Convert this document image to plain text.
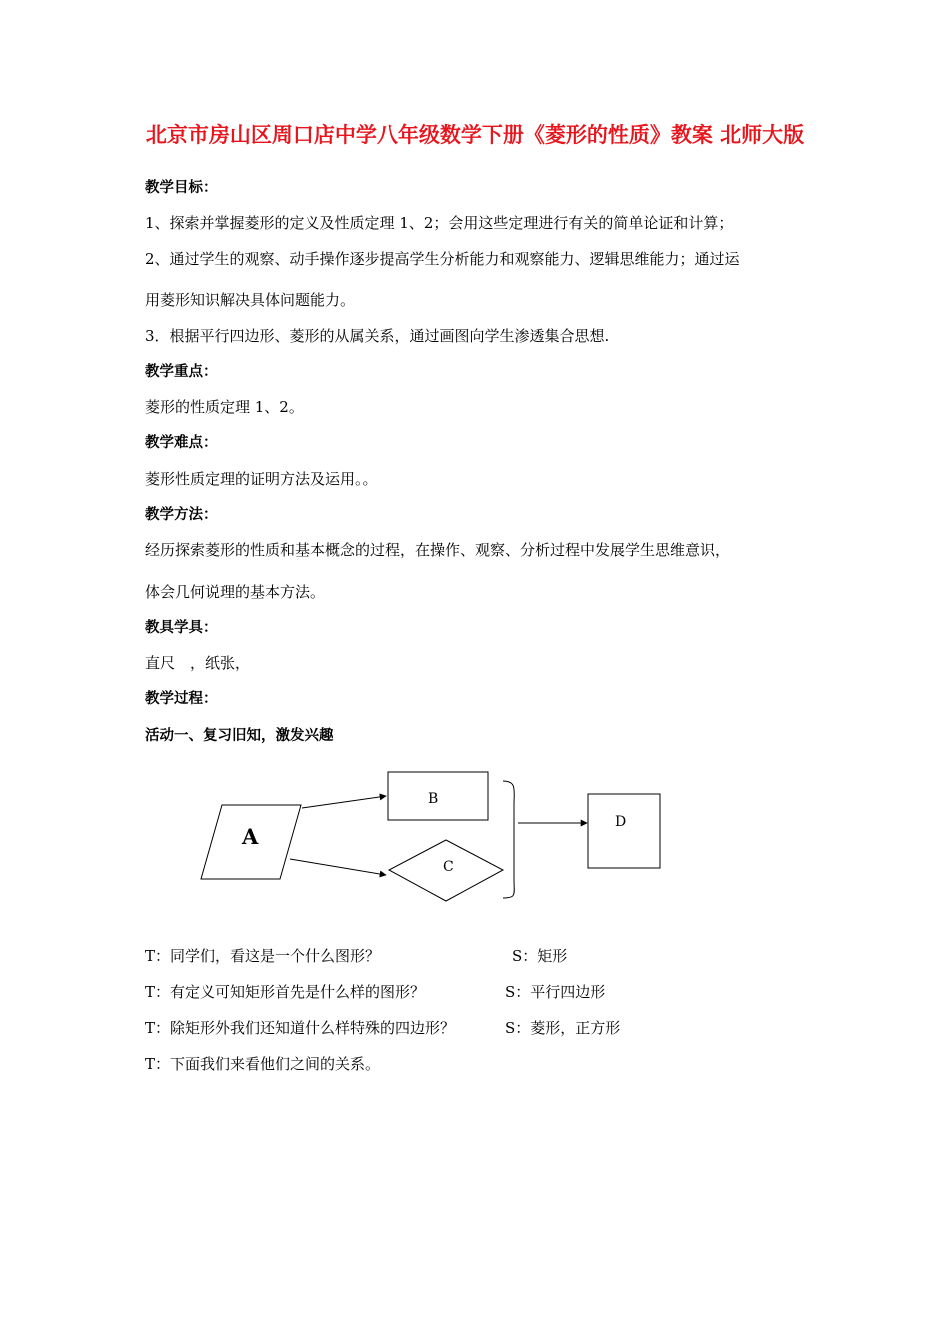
北京市房山区周口店中学八年级数学下册《菱形的性质》教案 北师大版
教学目标：
1、探索并掌握菱形的定义及性质定理 1、2；会用这些定理进行有关的简单论证和计算；
2、通过学生的观察、动手操作逐步提高学生分析能力和观察能力、逻辑思维能力；通过运
用菱形知识解决具体问题能力。
3．根据平行四边形、菱形的从属关系，通过画图向学生渗透集合思想.
教学重点：
菱形的性质定理 1、2。
教学难点：
菱形性质定理的证明方法及运用。。
教学方法：
经历探索菱形的性质和基本概念的过程，在操作、观察、分析过程中发展学生思维意识，
体会几何说理的基本方法。
教具学具：
直尺　，纸张，
教学过程：
活动一、复习旧知，激发兴趣
A
B
C
D
T：同学们，看这是一个什么图形？	S：矩形
T：有定义可知矩形首先是什么样的图形？	S：平行四边形
T：除矩形外我们还知道什么样特殊的四边形？	S：菱形，正方形
T：下面我们来看他们之间的关系。
